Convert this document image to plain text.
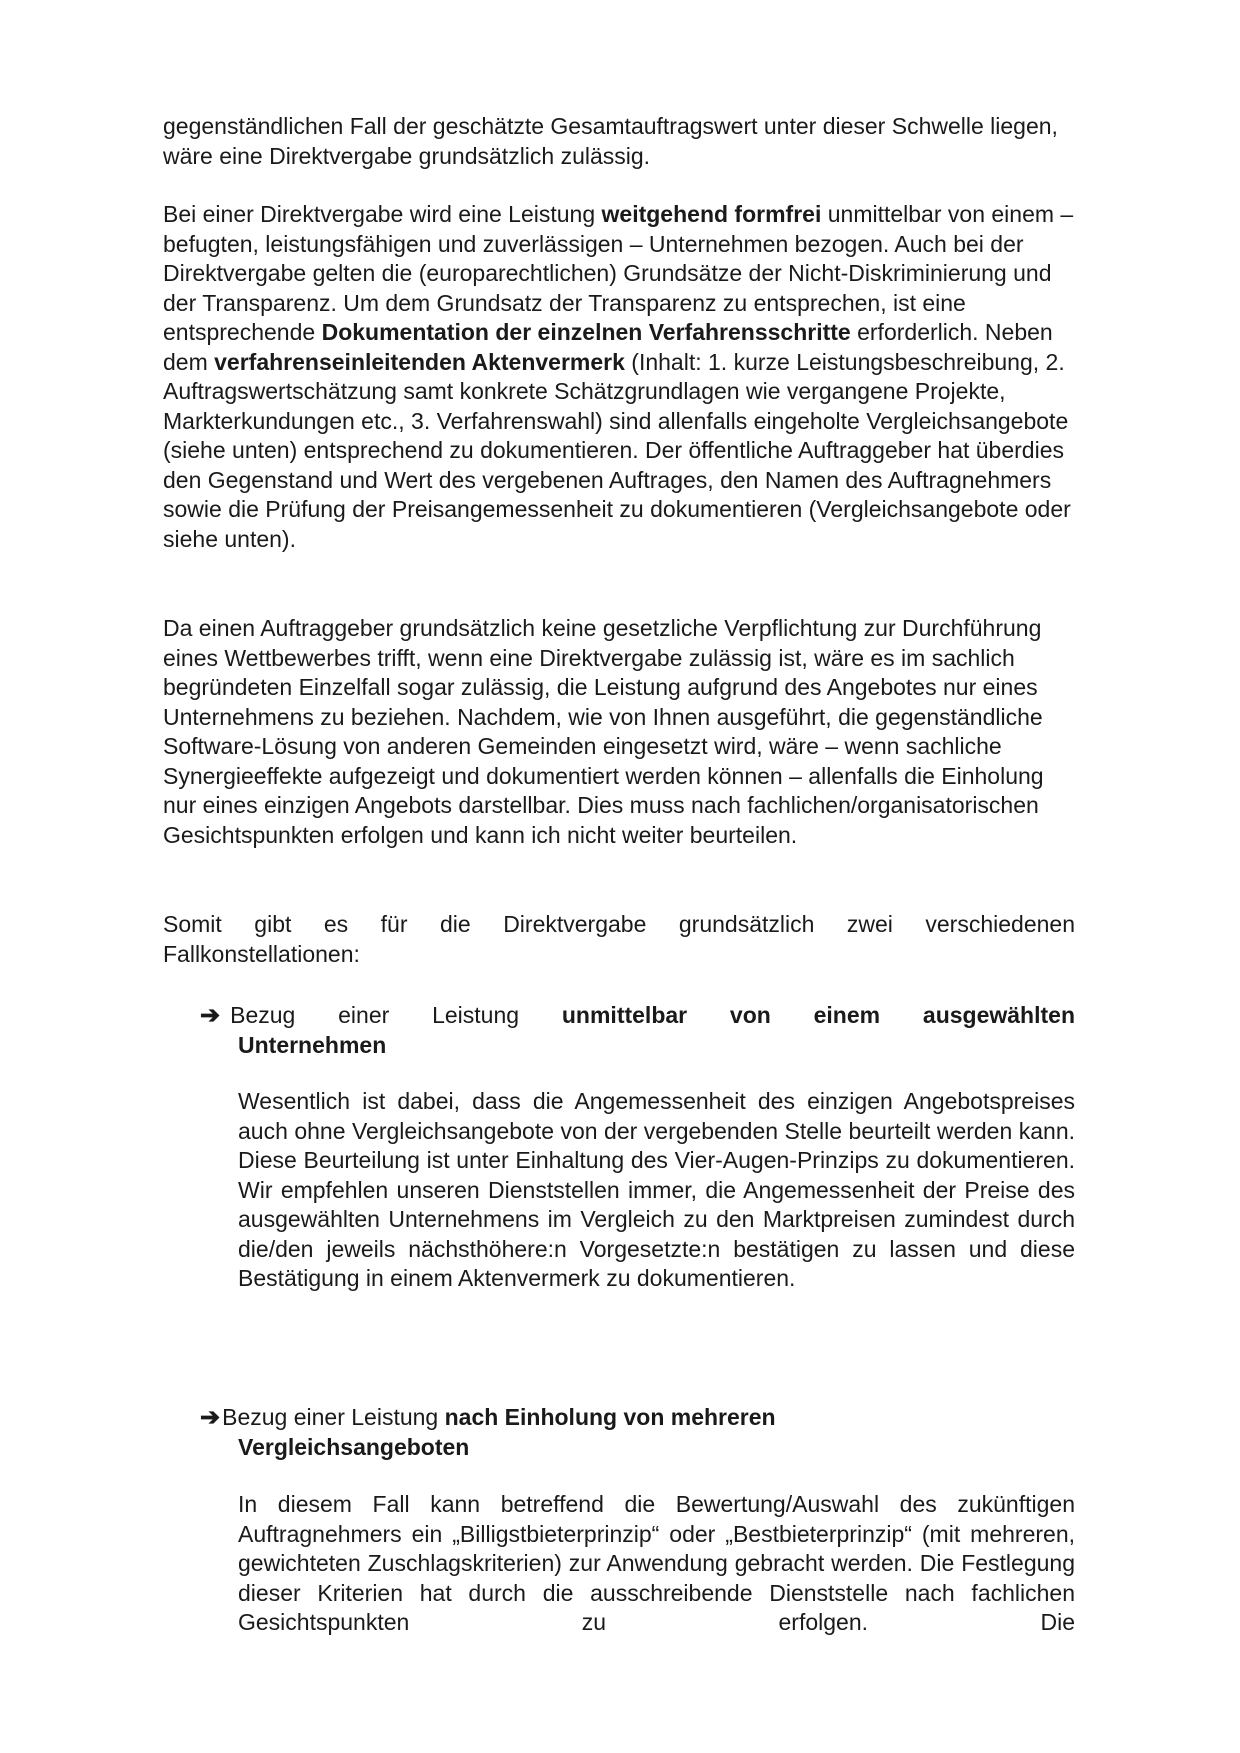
gegenständlichen Fall der geschätzte Gesamtauftragswert unter dieser Schwelle liegen, wäre eine Direktvergabe grundsätzlich zulässig.

Bei einer Direktvergabe wird eine Leistung weitgehend formfrei unmittelbar von einem – befugten, leistungsfähigen und zuverlässigen – Unternehmen bezogen. Auch bei der Direktvergabe gelten die (europarechtlichen) Grundsätze der Nicht-Diskriminierung und der Transparenz. Um dem Grundsatz der Transparenz zu entsprechen, ist eine entsprechende Dokumentation der einzelnen Verfahrensschritte erforderlich. Neben dem verfahrenseinleitenden Aktenvermerk (Inhalt: 1. kurze Leistungsbeschreibung, 2. Auftragswertschätzung samt konkrete Schätzgrundlagen wie vergangene Projekte, Markterkundungen etc., 3. Verfahrenswahl) sind allenfalls eingeholte Vergleichsangebote (siehe unten) entsprechend zu dokumentieren. Der öffentliche Auftraggeber hat überdies den Gegenstand und Wert des vergebenen Auftrages, den Namen des Auftragnehmers sowie die Prüfung der Preisangemessenheit zu dokumentieren (Vergleichsangebote oder siehe unten).

Da einen Auftraggeber grundsätzlich keine gesetzliche Verpflichtung zur Durchführung eines Wettbewerbes trifft, wenn eine Direktvergabe zulässig ist, wäre es im sachlich begründeten Einzelfall sogar zulässig, die Leistung aufgrund des Angebotes nur eines Unternehmens zu beziehen. Nachdem, wie von Ihnen ausgeführt, die gegenständliche Software-Lösung von anderen Gemeinden eingesetzt wird, wäre – wenn sachliche Synergieeffekte aufgezeigt und dokumentiert werden können – allenfalls die Einholung nur eines einzigen Angebots darstellbar. Dies muss nach fachlichen/organisatorischen Gesichtspunkten erfolgen und kann ich nicht weiter beurteilen.

Somit gibt es für die Direktvergabe grundsätzlich zwei verschiedenen
Fallkonstellationen:

➔ Bezug einer Leistung unmittelbar von einem ausgewählten
Unternehmen

Wesentlich ist dabei, dass die Angemessenheit des einzigen Angebotspreises auch ohne Vergleichsangebote von der vergebenden Stelle beurteilt werden kann. Diese Beurteilung ist unter Einhaltung des Vier-Augen-Prinzips zu dokumentieren. Wir empfehlen unseren Dienststellen immer, die Angemessenheit der Preise des ausgewählten Unternehmens im Vergleich zu den Marktpreisen zumindest durch die/den jeweils nächsthöhere:n Vorgesetzte:n bestätigen zu lassen und diese
Bestätigung in einem Aktenvermerk zu dokumentieren.

➔Bezug einer Leistung nach Einholung von mehreren
Vergleichsangeboten

In diesem Fall kann betreffend die Bewertung/Auswahl des zukünftigen Auftragnehmers ein „Billigstbieterprinzip“ oder „Bestbieterprinzip“ (mit mehreren, gewichteten Zuschlagskriterien) zur Anwendung gebracht werden. Die Festlegung dieser Kriterien hat durch die ausschreibende Dienststelle nach fachlichen Gesichtspunkten zu erfolgen. Die
